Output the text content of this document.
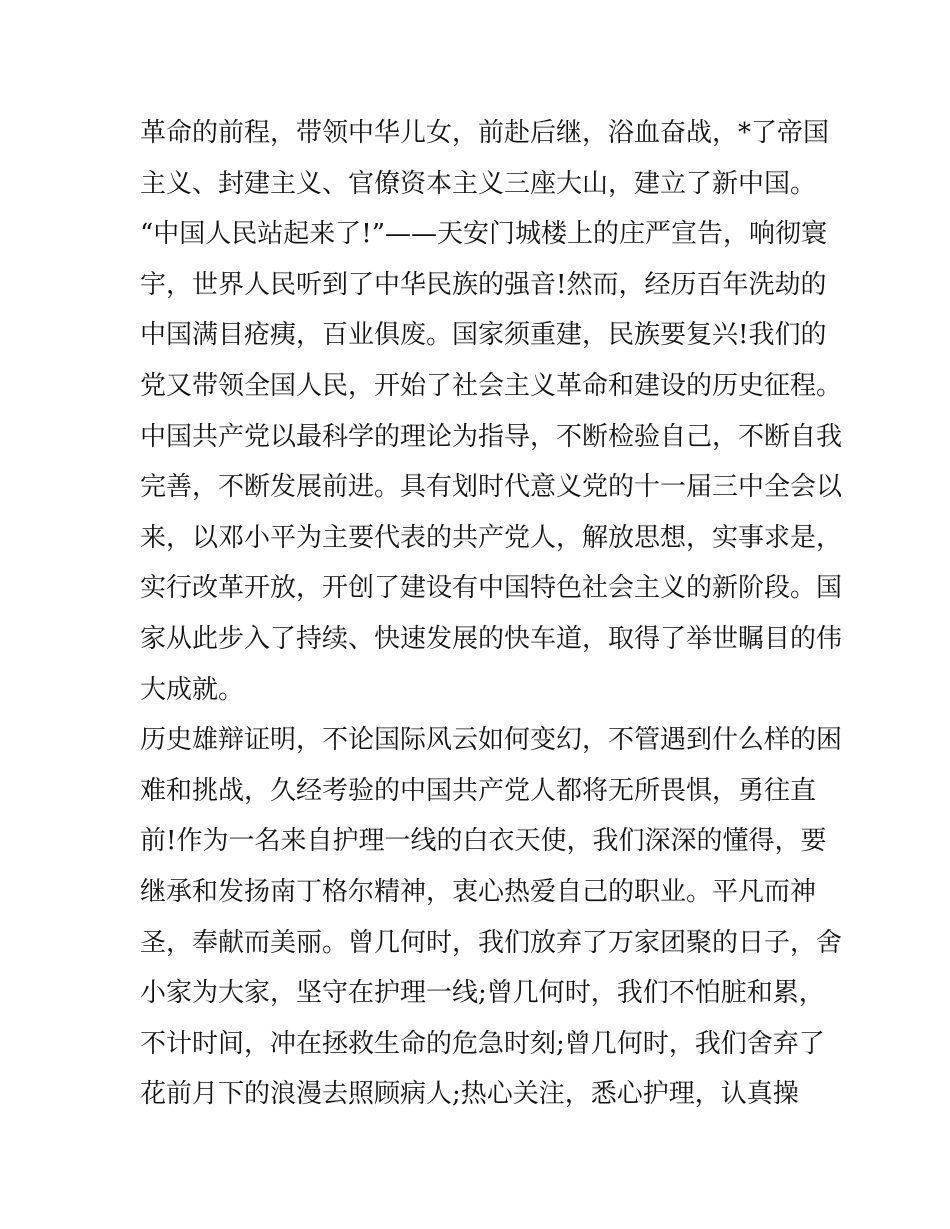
革命的前程，带领中华儿女，前赴后继，浴血奋战，*了帝国
主义、封建主义、官僚资本主义三座大山，建立了新中国。
“中国人民站起来了!”——天安门城楼上的庄严宣告，响彻寰
宇，世界人民听到了中华民族的强音!然而，经历百年洗劫的
中国满目疮痍，百业俱废。国家须重建，民族要复兴!我们的
党又带领全国人民，开始了社会主义革命和建设的历史征程。
中国共产党以最科学的理论为指导，不断检验自己，不断自我
完善，不断发展前进。具有划时代意义党的十一届三中全会以
来，以邓小平为主要代表的共产党人，解放思想，实事求是，
实行改革开放，开创了建设有中国特色社会主义的新阶段。国
家从此步入了持续、快速发展的快车道，取得了举世瞩目的伟
大成就。
历史雄辩证明，不论国际风云如何变幻，不管遇到什么样的困
难和挑战，久经考验的中国共产党人都将无所畏惧，勇往直
前!作为一名来自护理一线的白衣天使，我们深深的懂得，要
继承和发扬南丁格尔精神，衷心热爱自己的职业。平凡而神
圣，奉献而美丽。曾几何时，我们放弃了万家团聚的日子，舍
小家为大家，坚守在护理一线;曾几何时，我们不怕脏和累，
不计时间，冲在拯救生命的危急时刻;曾几何时，我们舍弃了
花前月下的浪漫去照顾病人;热心关注，悉心护理，认真操
